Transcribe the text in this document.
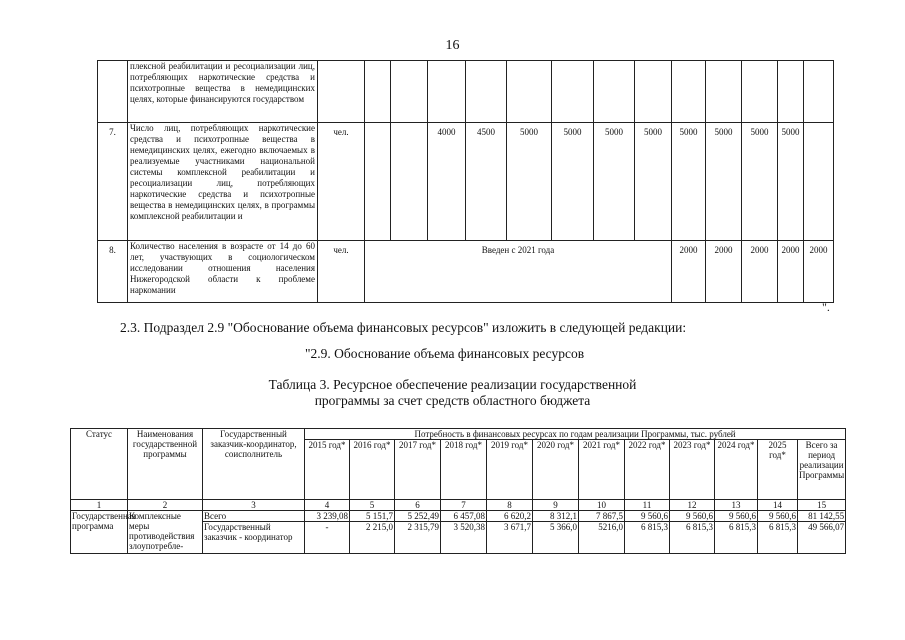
16
	плексной реабилитации и ресоциализации лиц, потребляющих наркотические средства и психотропные вещества в немедицинских целях, которые финансируются государством														
7.	Число лиц, потребляющих наркотические средства и психотропные вещества в немедицинских целях, ежегодно включаемых в реализуемые участниками национальной системы комплексной реабилитации и ресоциализации лиц, потребляющих наркотические средства и психотропные вещества в немедицинских целях, в программы комплексной реабилитации и	чел.			4000	4500	5000	5000	5000	5000	5000	5000	5000	5000	
8.	Количество населения в возрасте от 14 до 60 лет, участвующих в социологическом исследовании отношения населения Нижегородской области к проблеме наркомании	чел.	Введен с 2021 года								2000	2000	2000	2000	2000
".
2.3. Подраздел 2.9 "Обоснование объема финансовых ресурсов" изложить в следующей редакции:
"2.9. Обоснование объема финансовых ресурсов
Таблица 3. Ресурсное обеспечение реализации государственной
программы за счет средств областного бюджета
Статус	Наименования государственной программы	Государственный заказчик-координатор, соисполнитель	Потребность в финансовых ресурсах по годам реализации Программы, тыс. рублей											
			2015 год*	2016 год*	2017 год*	2018 год*	2019 год*	2020 год*	2021 год*	2022 год*	2023 год*	2024 год*	2025 год*	Всего за период реализации Программы
1	2	3	4	5	6	7	8	9	10	11	12	13	14	15
Государственная программа	Комплексные меры противодействия злоупотребле-	Всего	3 239,08	5 151,7	5 252,49	6 457,08	6 620,2	8 312,1	7 867,5	9 560,6	9 560,6	9 560,6	9 560,6	81 142,55
		Государственный заказчик - координатор	-	2 215,0	2 315,79	3 520,38	3 671,7	5 366,0	5216,0	6 815,3	6 815,3	6 815,3	6 815,3	49 566,07
